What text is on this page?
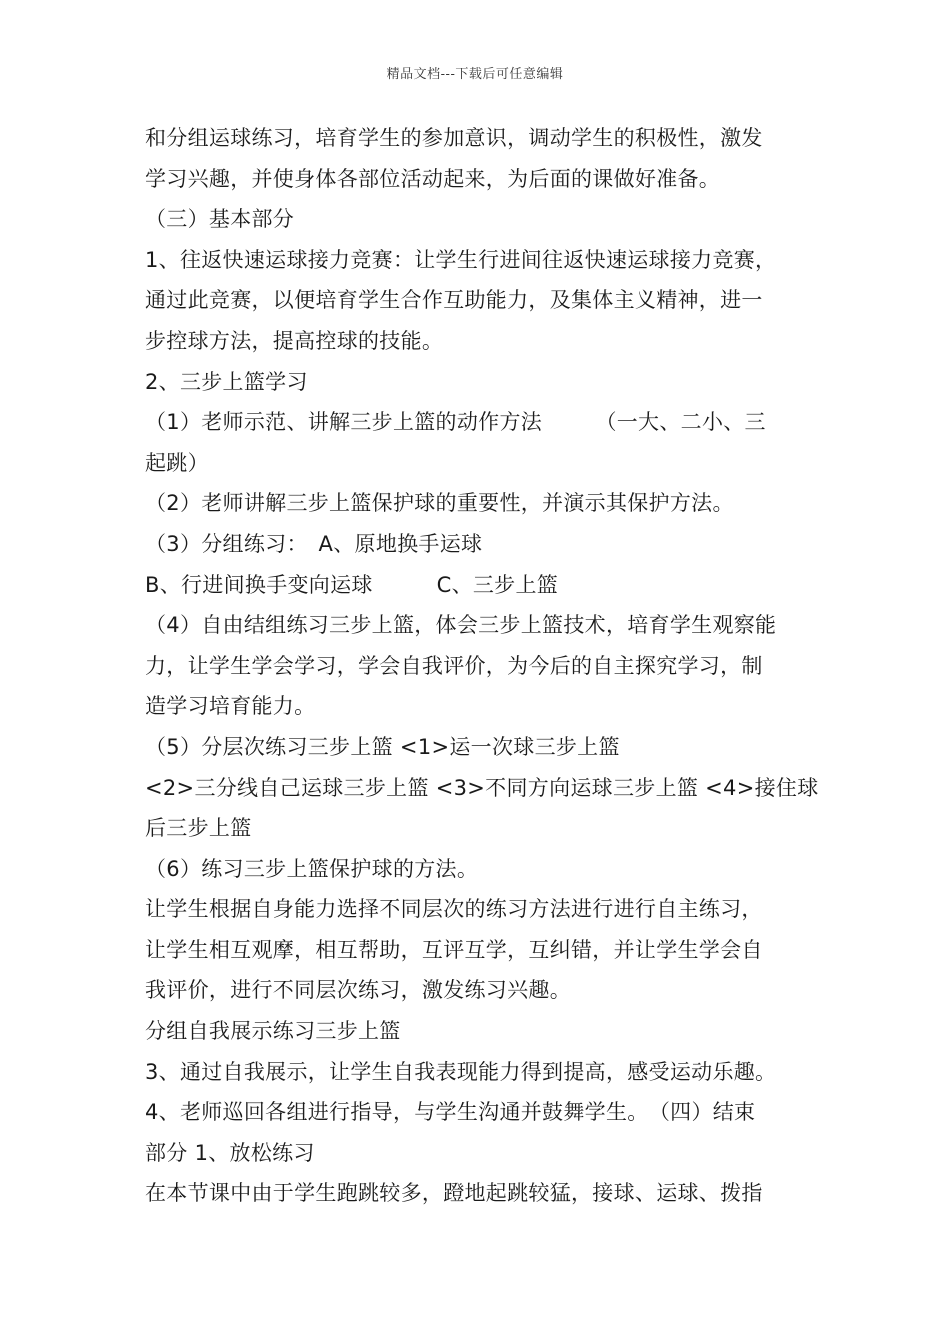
精品文档---下载后可任意编辑
和分组运球练习，培育学生的参加意识，调动学生的积极性，激发
学习兴趣，并使身体各部位活动起来，为后面的课做好准备。
（三）基本部分
1、往返快速运球接力竞赛：让学生行进间往返快速运球接力竞赛，
通过此竞赛，以便培育学生合作互助能力，及集体主义精神，进一
步控球方法，提高控球的技能。
2、三步上篮学习
（1）老师示范、讲解三步上篮的动作方法　　　（一大、二小、三
起跳）
（2）老师讲解三步上篮保护球的重要性，并演示其保护方法。
（3）分组练习：　A、原地换手运球
B、行进间换手变向运球　　　C、三步上篮
（4）自由结组练习三步上篮，体会三步上篮技术，培育学生观察能
力，让学生学会学习，学会自我评价，为今后的自主探究学习，制
造学习培育能力。
（5）分层次练习三步上篮 <1>运一次球三步上篮
<2>三分线自己运球三步上篮 <3>不同方向运球三步上篮 <4>接住球
后三步上篮
（6）练习三步上篮保护球的方法。
让学生根据自身能力选择不同层次的练习方法进行进行自主练习，
让学生相互观摩，相互帮助，互评互学，互纠错，并让学生学会自
我评价，进行不同层次练习，激发练习兴趣。
分组自我展示练习三步上篮
3、通过自我展示，让学生自我表现能力得到提高，感受运动乐趣。
4、老师巡回各组进行指导，与学生沟通并鼓舞学生。　（四）结束
部分 1、放松练习
在本节课中由于学生跑跳较多，蹬地起跳较猛，接球、运球、拨指
